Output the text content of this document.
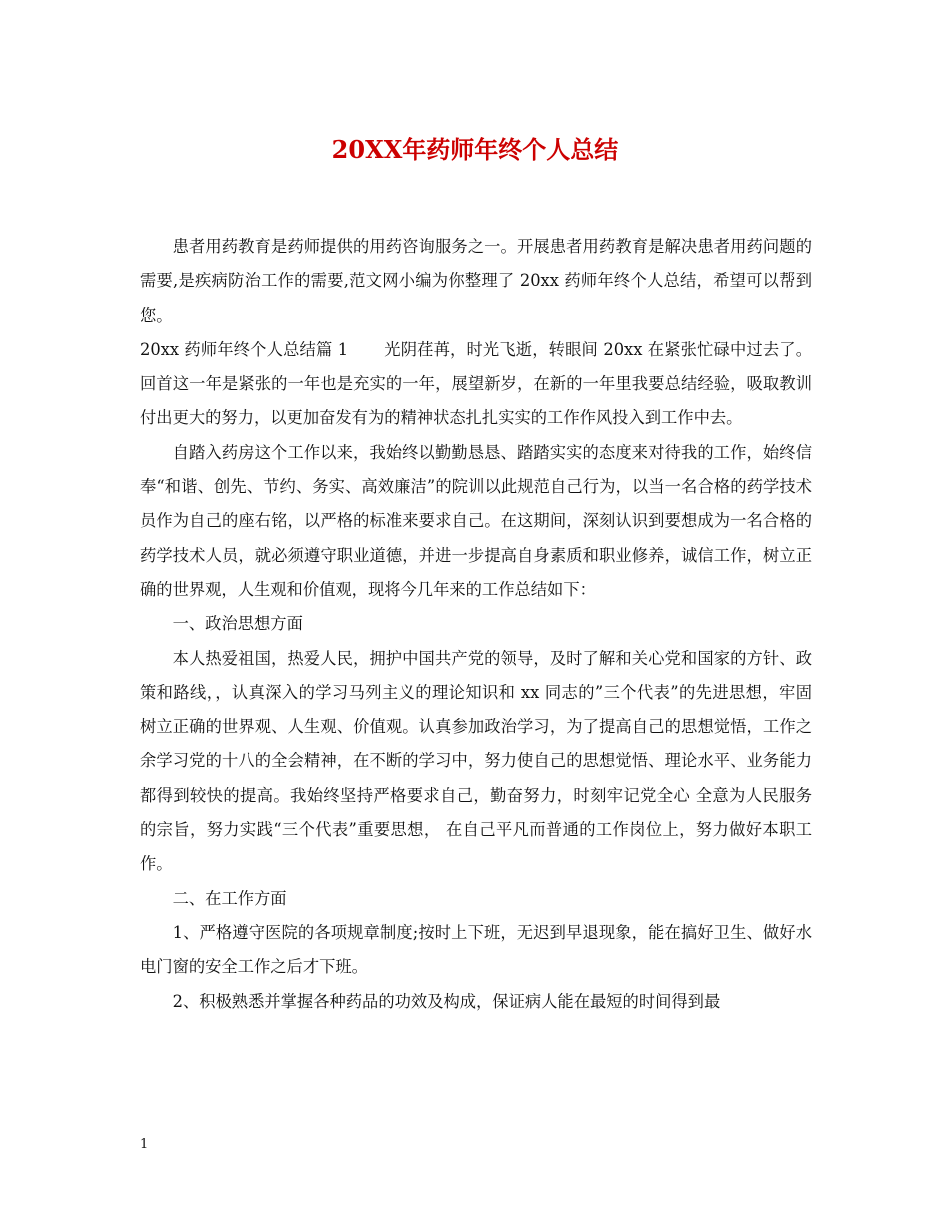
20XX年药师年终个人总结

患者用药教育是药师提供的用药咨询服务之一。开展患者用药教育是解决患者用药问题的需要,是疾病防治工作的需要,范文网小编为你整理了 20xx 药师年终个人总结，希望可以帮到您。

20xx 药师年终个人总结篇 1 光阴荏苒，时光飞逝，转眼间 20xx 在紧张忙碌中过去了。回首这一年是紧张的一年也是充实的一年，展望新岁，在新的一年里我要总结经验，吸取教训付出更大的努力，以更加奋发有为的精神状态扎扎实实的工作作风投入到工作中去。

自踏入药房这个工作以来，我始终以勤勤恳恳、踏踏实实的态度来对待我的工作，始终信奉“和谐、创先、节约、务实、高效廉洁”的院训以此规范自己行为，以当一名合格的药学技术员作为自己的座右铭，以严格的标准来要求自己。在这期间，深刻认识到要想成为一名合格的药学技术人员，就必须遵守职业道德，并进一步提高自身素质和职业修养，诚信工作，树立正确的世界观，人生观和价值观，现将今几年来的工作总结如下：

一、政治思想方面

本人热爱祖国，热爱人民，拥护中国共产党的领导，及时了解和关心党和国家的方针、政策和路线，，认真深入的学习马列主义的理论知识和 xx 同志的”三个代表”的先进思想，牢固树立正确的世界观、人生观、价值观。认真参加政治学习，为了提高自己的思想觉悟，工作之余学习党的十八的全会精神，在不断的学习中，努力使自己的思想觉悟、理论水平、业务能力都得到较快的提高。我始终坚持严格要求自己，勤奋努力，时刻牢记党全心 全意为人民服务的宗旨，努力实践“三个代表”重要思想， 在自己平凡而普通的工作岗位上，努力做好本职工作。

二、在工作方面

1、严格遵守医院的各项规章制度;按时上下班，无迟到早退现象，能在搞好卫生、做好水电门窗的安全工作之后才下班。

2、积极熟悉并掌握各种药品的功效及构成，保证病人能在最短的时间得到最

1
